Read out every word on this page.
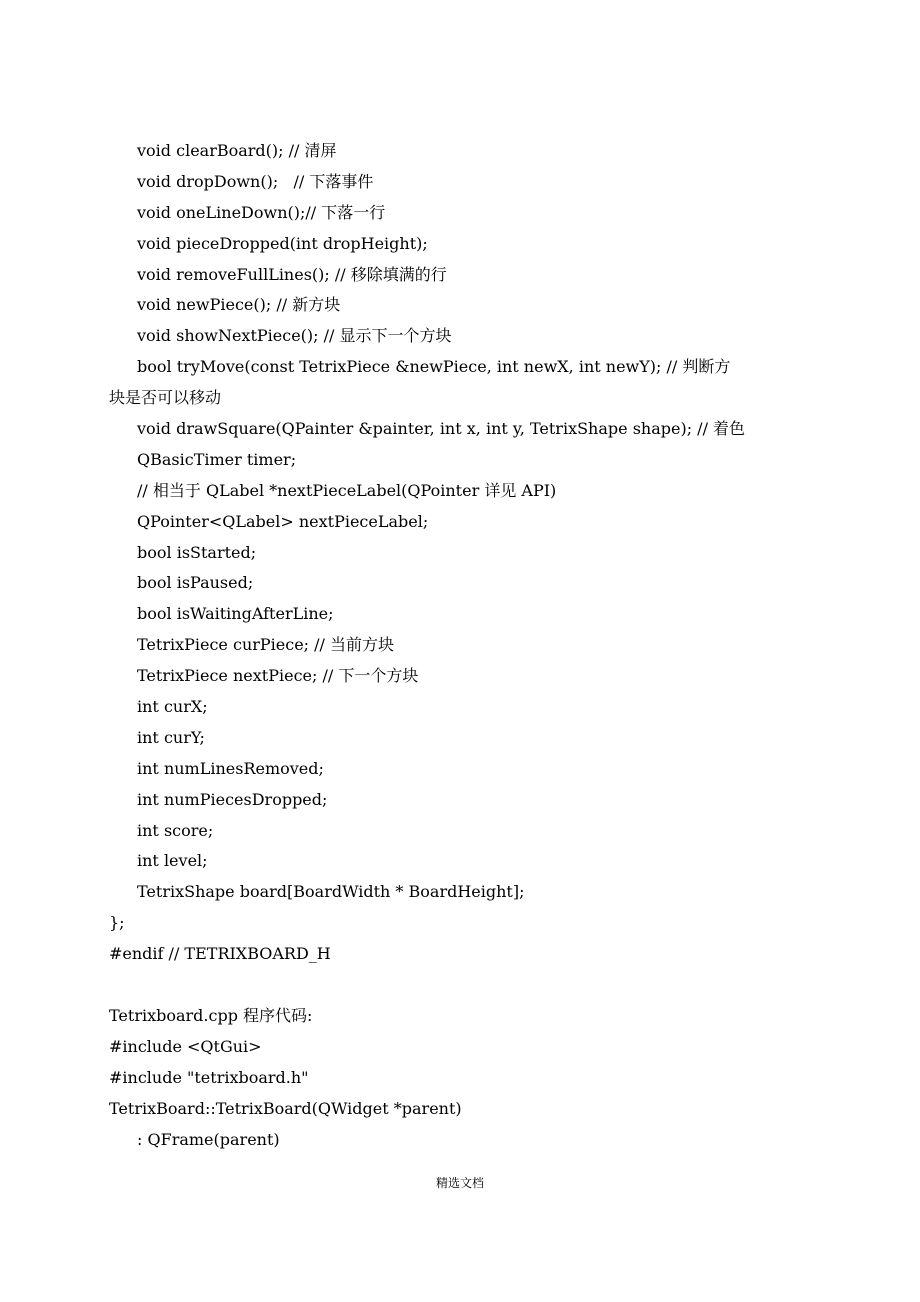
void clearBoard(); // 清屏
void dropDown();   // 下落事件
void oneLineDown();// 下落一行
void pieceDropped(int dropHeight);
void removeFullLines(); // 移除填满的行
void newPiece(); // 新方块
void showNextPiece(); // 显示下一个方块
bool tryMove(const TetrixPiece &newPiece, int newX, int newY); // 判断方
块是否可以移动
void drawSquare(QPainter &painter, int x, int y, TetrixShape shape); // 着色
QBasicTimer timer;
// 相当于 QLabel *nextPieceLabel(QPointer 详见 API)
QPointer<QLabel> nextPieceLabel;
bool isStarted;
bool isPaused;
bool isWaitingAfterLine;
TetrixPiece curPiece; // 当前方块
TetrixPiece nextPiece; // 下一个方块
int curX;
int curY;
int numLinesRemoved;
int numPiecesDropped;
int score;
int level;
TetrixShape board[BoardWidth * BoardHeight];
};
#endif // TETRIXBOARD_H
Tetrixboard.cpp 程序代码:
#include <QtGui>
#include "tetrixboard.h"
TetrixBoard::TetrixBoard(QWidget *parent)
: QFrame(parent)
精选文档
